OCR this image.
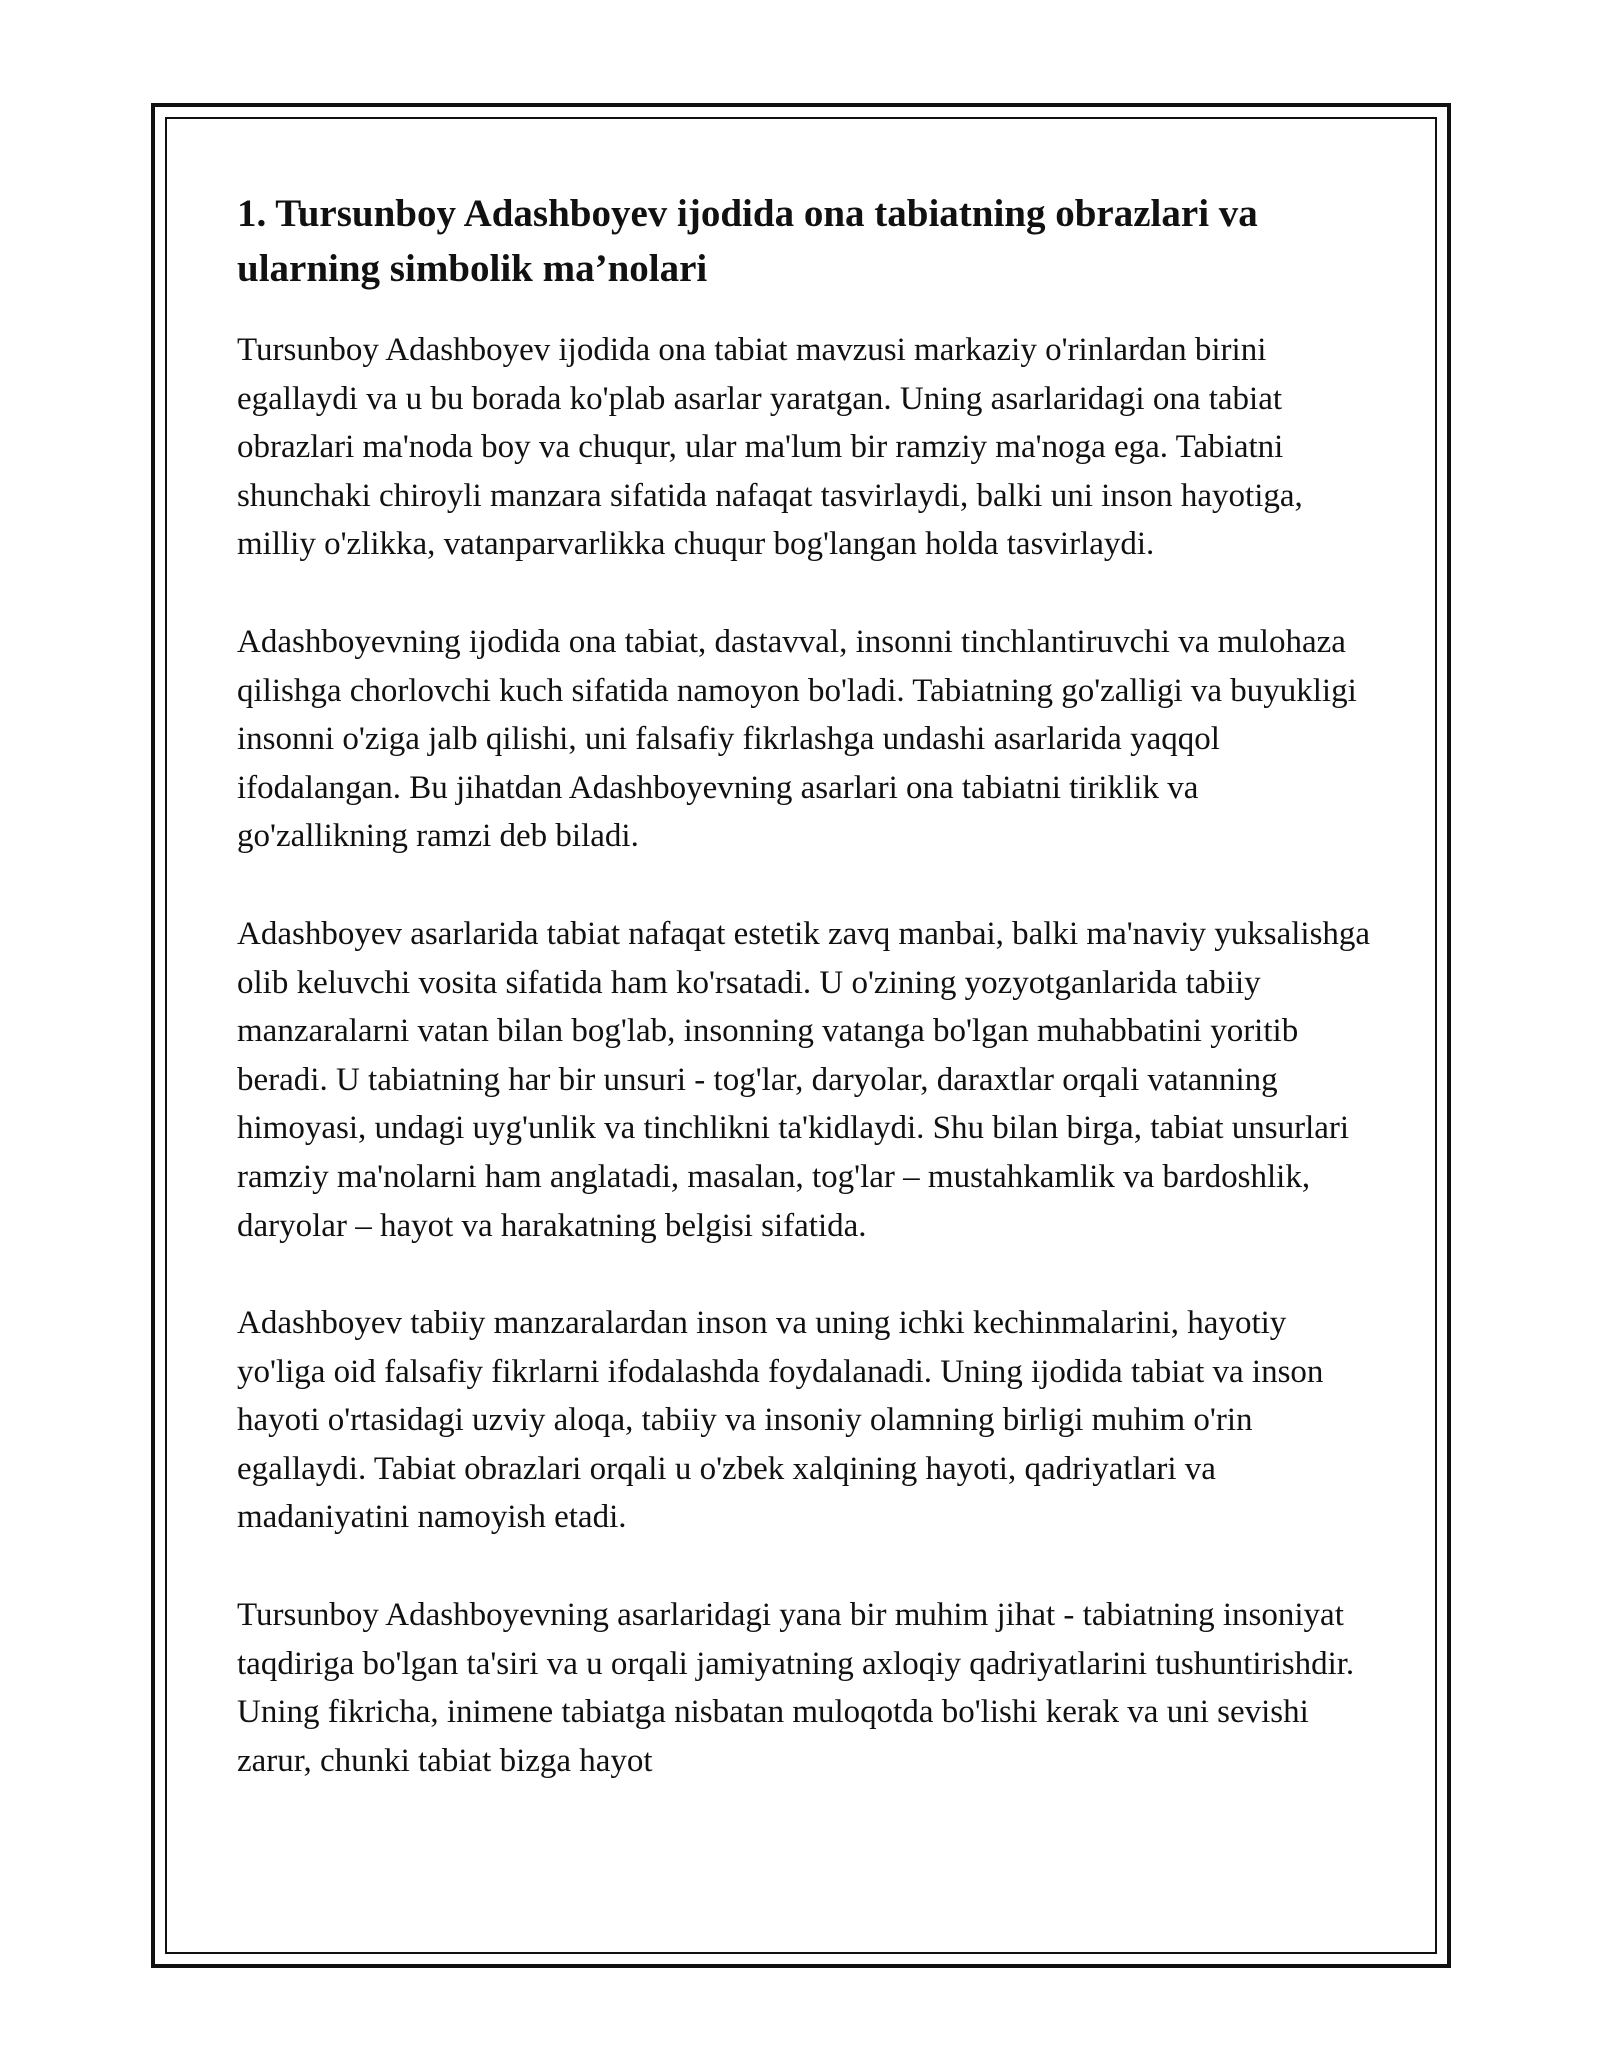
1. Tursunboy Adashboyev ijodida ona tabiatning obrazlari va ularning simbolik ma’nolari

Tursunboy Adashboyev ijodida ona tabiat mavzusi markaziy o'rinlardan birini egallaydi va u bu borada ko'plab asarlar yaratgan. Uning asarlaridagi ona tabiat obrazlari ma'noda boy va chuqur, ular ma'lum bir ramziy ma'noga ega. Tabiatni shunchaki chiroyli manzara sifatida nafaqat tasvirlaydi, balki uni inson hayotiga, milliy o'zlikka, vatanparvarlikka chuqur bog'langan holda tasvirlaydi.

Adashboyevning ijodida ona tabiat, dastavval, insonni tinchlantiruvchi va mulohaza qilishga chorlovchi kuch sifatida namoyon bo'ladi. Tabiatning go'zalligi va buyukligi insonni o'ziga jalb qilishi, uni falsafiy fikrlashga undashi asarlarida yaqqol ifodalangan. Bu jihatdan Adashboyevning asarlari ona tabiatni tiriklik va go'zallikning ramzi deb biladi.

Adashboyev asarlarida tabiat nafaqat estetik zavq manbai, balki ma'naviy yuksalishga olib keluvchi vosita sifatida ham ko'rsatadi. U o'zining yozyotganlarida tabiiy manzaralarni vatan bilan bog'lab, insonning vatanga bo'lgan muhabbatini yoritib beradi. U tabiatning har bir unsuri - tog'lar, daryolar, daraxtlar orqali vatanning himoyasi, undagi uyg'unlik va tinchlikni ta'kidlaydi. Shu bilan birga, tabiat unsurlari ramziy ma'nolarni ham anglatadi, masalan, tog'lar – mustahkamlik va bardoshlik, daryolar – hayot va harakatning belgisi sifatida.

Adashboyev tabiiy manzaralardan inson va uning ichki kechinmalarini, hayotiy yo'liga oid falsafiy fikrlarni ifodalashda foydalanadi. Uning ijodida tabiat va inson hayoti o'rtasidagi uzviy aloqa, tabiiy va insoniy olamning birligi muhim o'rin egallaydi. Tabiat obrazlari orqali u o'zbek xalqining hayoti, qadriyatlari va madaniyatini namoyish etadi.

Tursunboy Adashboyevning asarlaridagi yana bir muhim jihat - tabiatning insoniyat taqdiriga bo'lgan ta'siri va u orqali jamiyatning axloqiy qadriyatlarini tushuntirishdir. Uning fikricha, inimene tabiatga nisbatan muloqotda bo'lishi kerak va uni sevishi zarur, chunki tabiat bizga hayot
